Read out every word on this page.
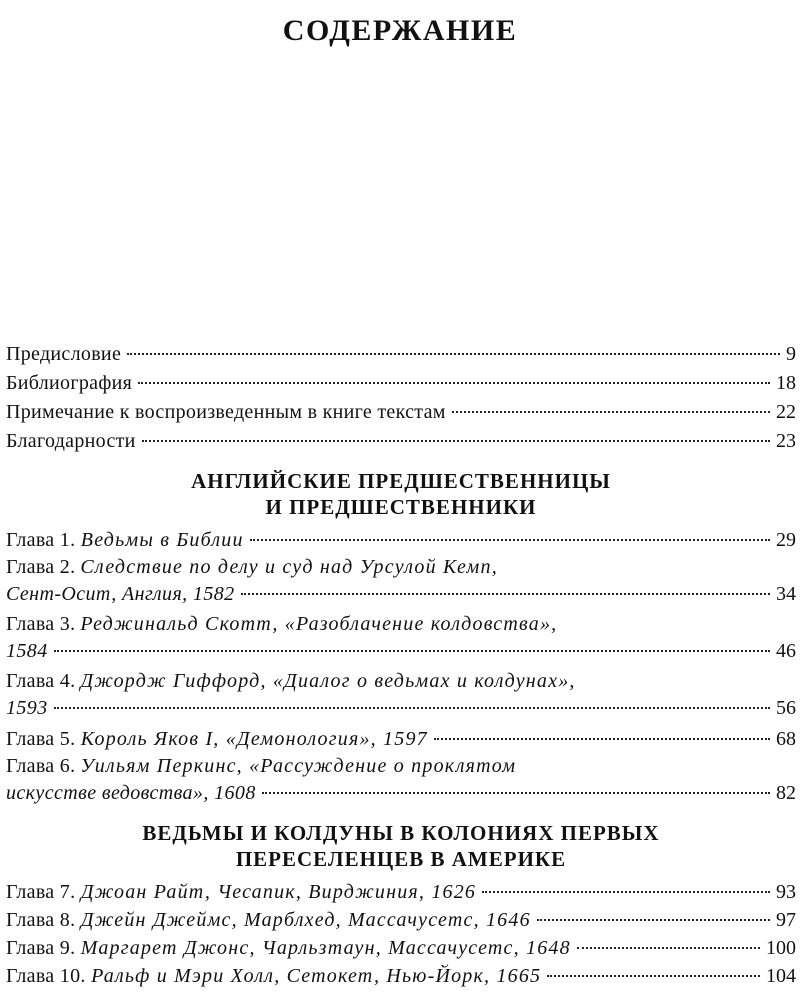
СОДЕРЖАНИЕ
Предисловие	9
Библиография	18
Примечание к воспроизведенным в книге текстам	22
Благодарности	23
АНГЛИЙСКИЕ ПРЕДШЕСТВЕННИЦЫ
И ПРЕДШЕСТВЕННИКИ
Глава 1. Ведьмы в Библии	29
Глава 2. Следствие по делу и суд над Урсулой Кемп,
Сент-Осит, Англия, 1582	34
Глава 3. Реджинальд Скотт, «Разоблачение колдовства»,
1584	46
Глава 4. Джордж Гиффорд, «Диалог о ведьмах и колдунах»,
1593	56
Глава 5. Король Яков I, «Демонология», 1597	68
Глава 6. Уильям Перкинс, «Рассуждение о проклятом
искусстве ведовства», 1608	82
ВЕДЬМЫ И КОЛДУНЫ В КОЛОНИЯХ ПЕРВЫХ
ПЕРЕСЕЛЕНЦЕВ В АМЕРИКЕ
Глава 7. Джоан Райт, Чесапик, Вирджиния, 1626	93
Глава 8. Джейн Джеймс, Марблхед, Массачусетс, 1646	97
Глава 9. Маргарет Джонс, Чарльзтаун, Массачусетс, 1648	100
Глава 10. Ральф и Мэри Холл, Сетокет, Нью-Йорк, 1665	104
